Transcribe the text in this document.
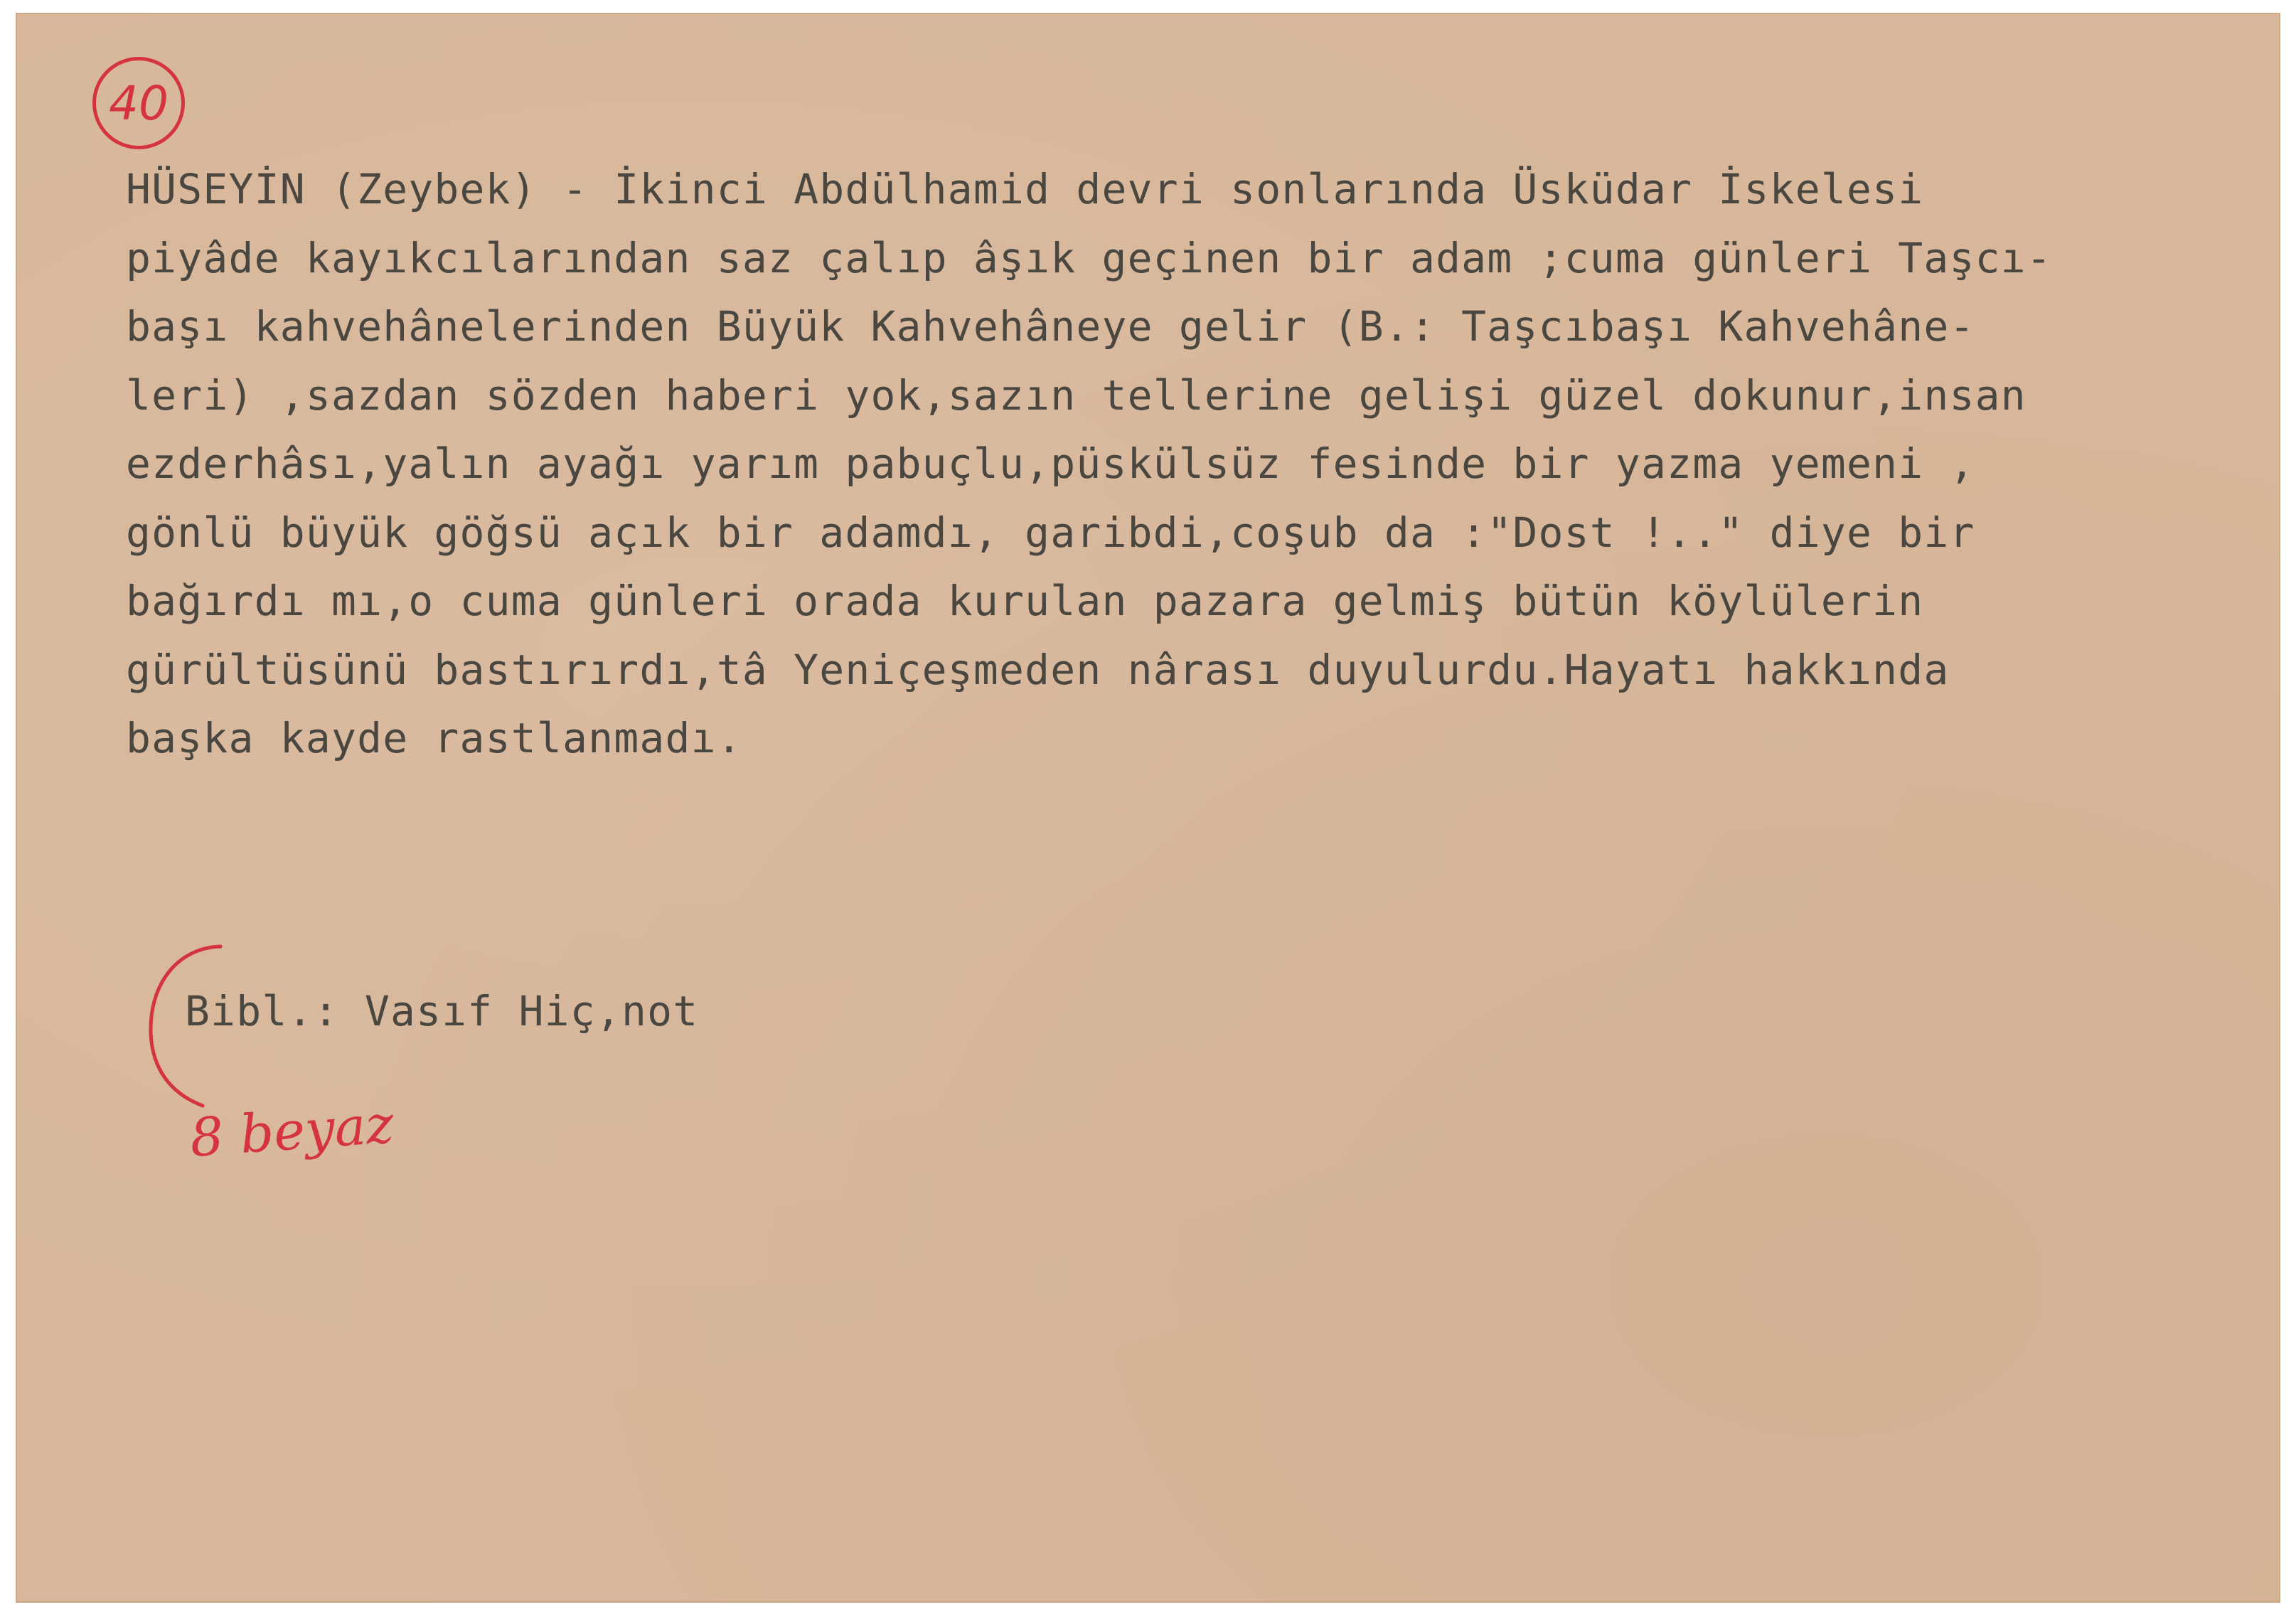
40
HÜSEYİN (Zeybek) - İkinci Abdülhamid devri sonlarında Üsküdar İskelesi
piyâde kayıkcılarından saz çalıp âşık geçinen bir adam ;cuma günleri Taşcı-
başı kahvehânelerinden Büyük Kahvehâneye gelir (B.: Taşcıbaşı Kahvehâne-
leri) ,sazdan sözden haberi yok,sazın tellerine gelişi güzel dokunur,insan
ezderhâsı,yalın ayağı yarım pabuçlu,püskülsüz fesinde bir yazma yemeni ,
gönlü büyük göğsü açık bir adamdı, garibdi,coşub da :"Dost !.." diye bir
bağırdı mı,o cuma günleri orada kurulan pazara gelmiş bütün köylülerin
gürültüsünü bastırırdı,tâ Yeniçeşmeden nârası duyulurdu.Hayatı hakkında
başka kayde rastlanmadı.
Bibl.: Vasıf Hiç,not
8 beyaz
